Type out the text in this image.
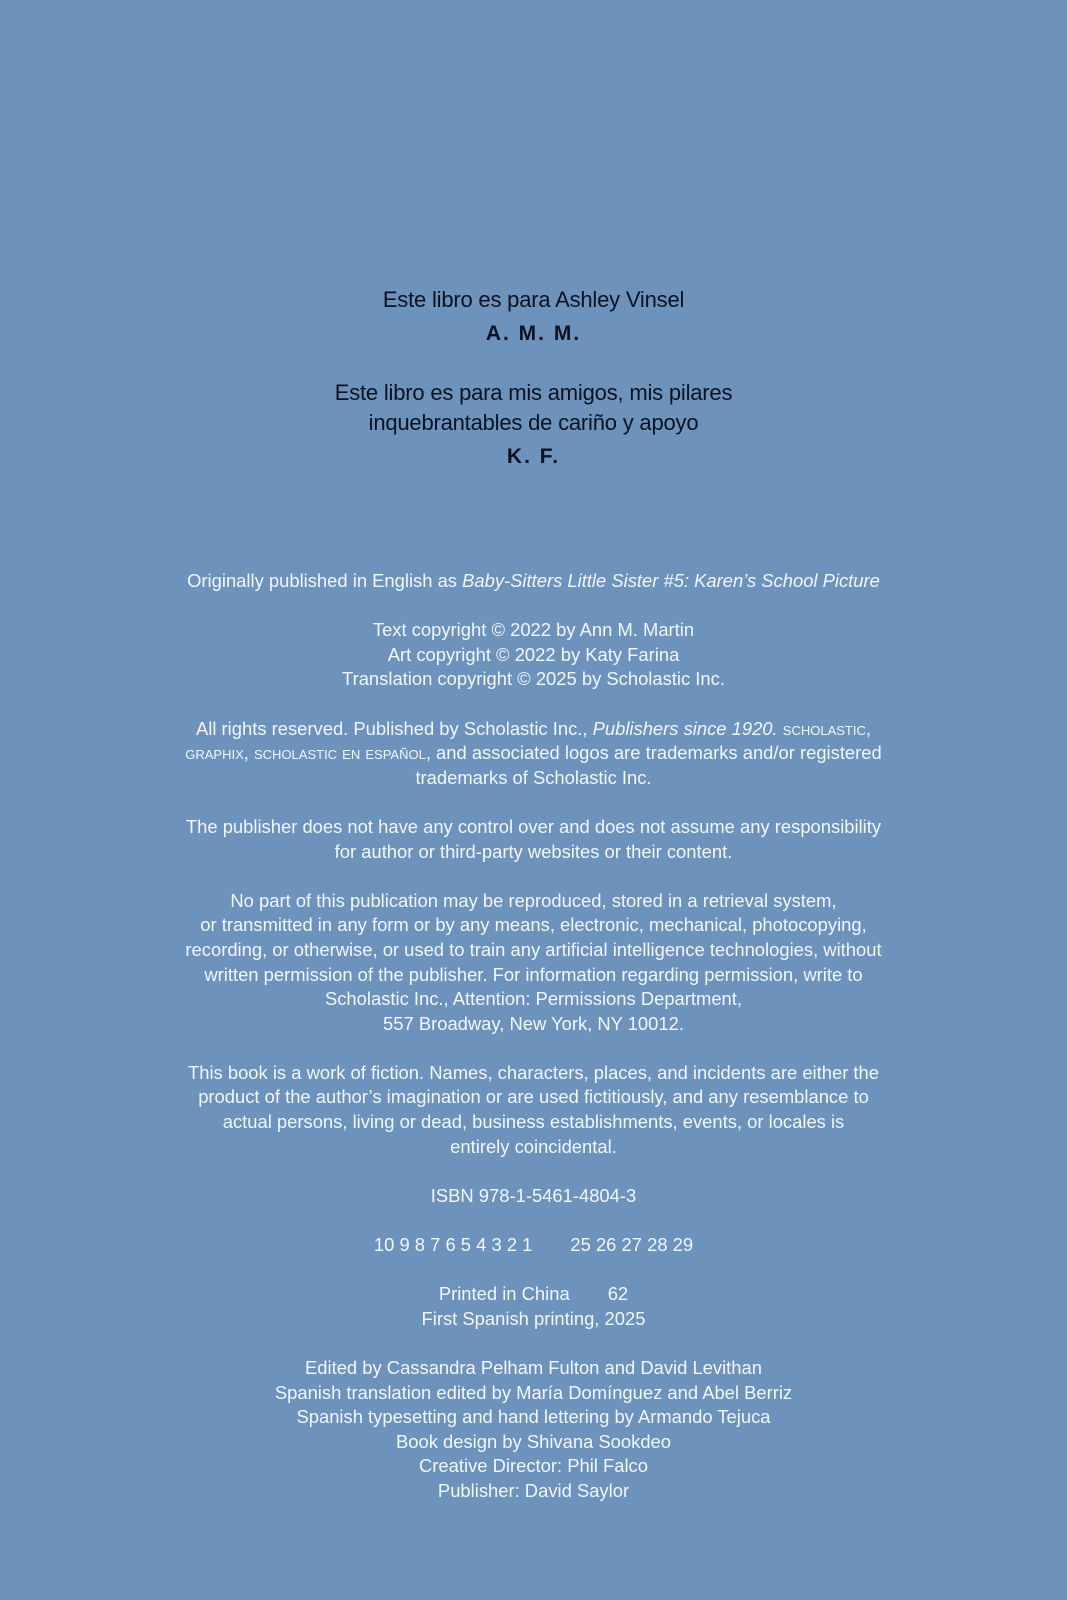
Este libro es para Ashley Vinsel
A. M. M.
Este libro es para mis amigos, mis pilares
inquebrantables de cariño y apoyo
K. F.
Originally published in English as Baby-Sitters Little Sister #5: Karen’s School Picture
Text copyright © 2022 by Ann M. Martin
Art copyright © 2022 by Katy Farina
Translation copyright © 2025 by Scholastic Inc.
All rights reserved. Published by Scholastic Inc., Publishers since 1920. scholastic,
graphix, scholastic en español, and associated logos are trademarks and/or registered
trademarks of Scholastic Inc.
The publisher does not have any control over and does not assume any responsibility
for author or third-party websites or their content.
No part of this publication may be reproduced, stored in a retrieval system,
or transmitted in any form or by any means, electronic, mechanical, photocopying,
recording, or otherwise, or used to train any artificial intelligence technologies, without
written permission of the publisher. For information regarding permission, write to
Scholastic Inc., Attention: Permissions Department,
557 Broadway, New York, NY 10012.
This book is a work of fiction. Names, characters, places, and incidents are either the
product of the author’s imagination or are used fictitiously, and any resemblance to
actual persons, living or dead, business establishments, events, or locales is
entirely coincidental.
ISBN 978-1-5461-4804-3
10 9 8 7 6 5 4 3 2 1 25 26 27 28 29
Printed in China 62
First Spanish printing, 2025
Edited by Cassandra Pelham Fulton and David Levithan
Spanish translation edited by María Domínguez and Abel Berriz
Spanish typesetting and hand lettering by Armando Tejuca
Book design by Shivana Sookdeo
Creative Director: Phil Falco
Publisher: David Saylor
